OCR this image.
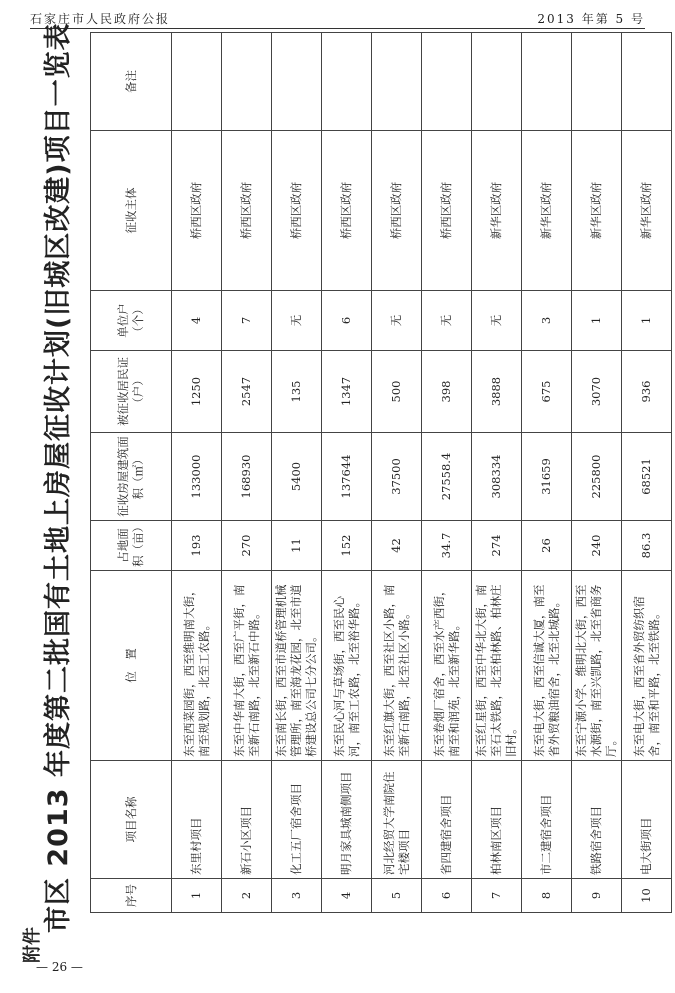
石家庄市人民政府公报	2013 年第 5 号
附件
市区 2013 年度第二批国有土地上房屋征收计划(旧城区改建)项目一览表	序号	项目名称	位　置	占地面积（亩）	征收房屋建筑面积（㎡）	被征收居民证（户）	单位户（个）	征收主体	备注
1	东里村项目	东至西菜园街，西至维明南大街，南至规划路，北至工农路。	193	133000	1250	4	桥西区政府	
2	新石小区项目	东至中华南大街，西至广平街，南至新石南路，北至新石中路。	270	168930	2547	7	桥西区政府	
3	化工五厂宿舍项目	东至南长街，西至市道桥管理机械管理所，南至海龙花园，北至市道桥建设总公司七分公司。	11	5400	135	无	桥西区政府	
4	明月家具城南侧项目	东至民心河与草场街，西至民心河，南至工农路，北至裕华路。	152	137644	1347	6	桥西区政府	
5	河北经贸大学南院住宅楼项目	东至红旗大街，西至社区小路，南至新石南路，北至社区小路。	42	37500	500	无	桥西区政府	
6	省四建宿舍项目	东至卷烟厂宿舍，西至水产西街，南至和润苑，北至新华路。	34.7	27558.4	398	无	桥西区政府	
7	柏林南区项目	东至红星街，西至中华北大街，南至石太铁路，北至柏林路、柏林庄旧村。	274	308334	3888	无	新华区政府	
8	市二建宿舍项目	东至电大街，西至信诚大厦，南至省外贸粮油宿舍，北至北城路。	26	31659	675	3	新华区政府	
9	铁路宿舍项目	东至宁源小学、维明北大街，西至水源街，南至兴凯路，北至省商务厅。	240	225800	3070	1	新华区政府	
10	电大街项目	东至电大街，西至省外贸纺织宿舍，南至和平路，北至铁路。	86.3	68521	936	1	新华区政府	
— 26 —
